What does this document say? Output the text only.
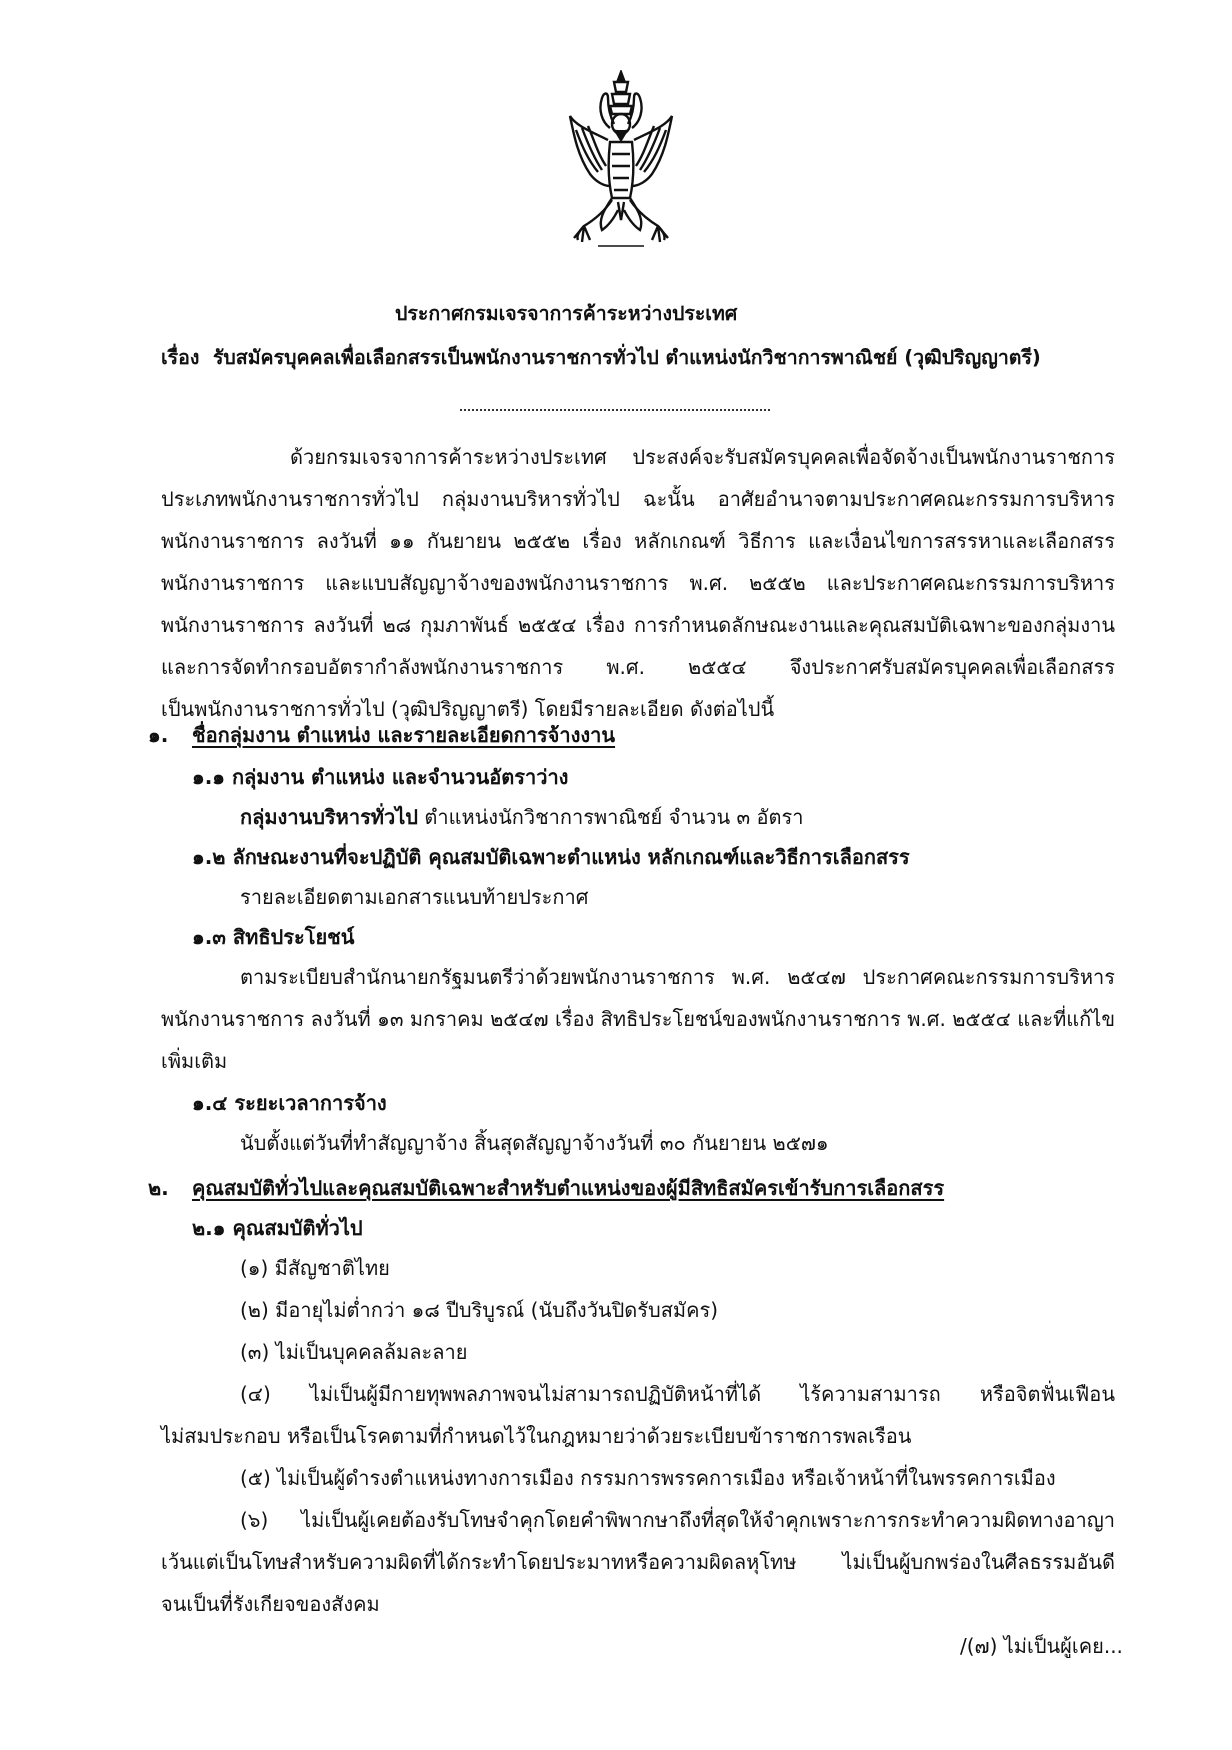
ประกาศกรมเจรจาการค้าระหว่างประเทศ
เรื่อง รับสมัครบุคคลเพื่อเลือกสรรเป็นพนักงานราชการทั่วไป ตำแหน่งนักวิชาการพาณิชย์ (วุฒิปริญญาตรี)
ด้วยกรมเจรจาการค้าระหว่างประเทศ ประสงค์จะรับสมัครบุคคลเพื่อจัดจ้างเป็นพนักงานราชการ
ประเภทพนักงานราชการทั่วไป กลุ่มงานบริหารทั่วไป ฉะนั้น อาศัยอำนาจตามประกาศคณะกรรมการบริหาร
พนักงานราชการ ลงวันที่ ๑๑ กันยายน ๒๕๕๒ เรื่อง หลักเกณฑ์ วิธีการ และเงื่อนไขการสรรหาและเลือกสรร
พนักงานราชการ และแบบสัญญาจ้างของพนักงานราชการ พ.ศ. ๒๕๕๒ และประกาศคณะกรรมการบริหาร
พนักงานราชการ ลงวันที่ ๒๘ กุมภาพันธ์ ๒๕๕๔ เรื่อง การกำหนดลักษณะงานและคุณสมบัติเฉพาะของกลุ่มงาน
และการจัดทำกรอบอัตรากำลังพนักงานราชการ พ.ศ. ๒๕๕๔ จึงประกาศรับสมัครบุคคลเพื่อเลือกสรร
เป็นพนักงานราชการทั่วไป (วุฒิปริญญาตรี) โดยมีรายละเอียด ดังต่อไปนี้
๑. ชื่อกลุ่มงาน ตำแหน่ง และรายละเอียดการจ้างงาน
๑.๑ กลุ่มงาน ตำแหน่ง และจำนวนอัตราว่าง
กลุ่มงานบริหารทั่วไป ตำแหน่งนักวิชาการพาณิชย์ จำนวน ๓ อัตรา
๑.๒ ลักษณะงานที่จะปฏิบัติ คุณสมบัติเฉพาะตำแหน่ง หลักเกณฑ์และวิธีการเลือกสรร
รายละเอียดตามเอกสารแนบท้ายประกาศ
๑.๓ สิทธิประโยชน์
ตามระเบียบสำนักนายกรัฐมนตรีว่าด้วยพนักงานราชการ พ.ศ. ๒๕๔๗ ประกาศคณะกรรมการบริหาร
พนักงานราชการ ลงวันที่ ๑๓ มกราคม ๒๕๔๗ เรื่อง สิทธิประโยชน์ของพนักงานราชการ พ.ศ. ๒๕๕๔ และที่แก้ไข
เพิ่มเติม
๑.๔ ระยะเวลาการจ้าง
นับตั้งแต่วันที่ทำสัญญาจ้าง สิ้นสุดสัญญาจ้างวันที่ ๓๐ กันยายน ๒๕๗๑
๒. คุณสมบัติทั่วไปและคุณสมบัติเฉพาะสำหรับตำแหน่งของผู้มีสิทธิสมัครเข้ารับการเลือกสรร
๒.๑ คุณสมบัติทั่วไป
(๑) มีสัญชาติไทย
(๒) มีอายุไม่ต่ำกว่า ๑๘ ปีบริบูรณ์ (นับถึงวันปิดรับสมัคร)
(๓) ไม่เป็นบุคคลล้มละลาย
(๔) ไม่เป็นผู้มีกายทุพพลภาพจนไม่สามารถปฏิบัติหน้าที่ได้ ไร้ความสามารถ หรือจิตฟั่นเฟือน
ไม่สมประกอบ หรือเป็นโรคตามที่กำหนดไว้ในกฎหมายว่าด้วยระเบียบข้าราชการพลเรือน
(๕) ไม่เป็นผู้ดำรงตำแหน่งทางการเมือง กรรมการพรรคการเมือง หรือเจ้าหน้าที่ในพรรคการเมือง
(๖) ไม่เป็นผู้เคยต้องรับโทษจำคุกโดยคำพิพากษาถึงที่สุดให้จำคุกเพราะการกระทำความผิดทางอาญา
เว้นแต่เป็นโทษสำหรับความผิดที่ได้กระทำโดยประมาทหรือความผิดลหุโทษ ไม่เป็นผู้บกพร่องในศีลธรรมอันดี
จนเป็นที่รังเกียจของสังคม
/(๗) ไม่เป็นผู้เคย...
